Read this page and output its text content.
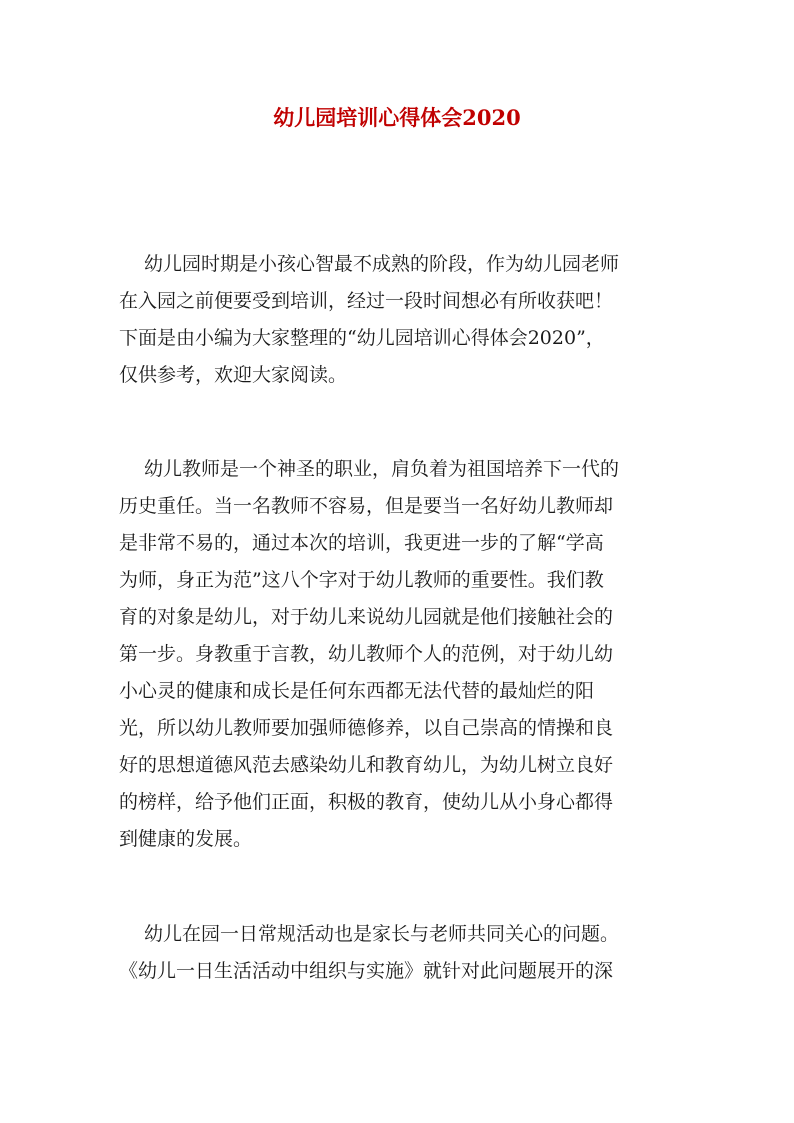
幼儿园培训心得体会2020
幼儿园时期是小孩心智最不成熟的阶段，作为幼儿园老师
在入园之前便要受到培训，经过一段时间想必有所收获吧！
下面是由小编为大家整理的“幼儿园培训心得体会2020”，
仅供参考，欢迎大家阅读。
幼儿教师是一个神圣的职业，肩负着为祖国培养下一代的
历史重任。当一名教师不容易，但是要当一名好幼儿教师却
是非常不易的，通过本次的培训，我更进一步的了解“学高
为师，身正为范”这八个字对于幼儿教师的重要性。我们教
育的对象是幼儿，对于幼儿来说幼儿园就是他们接触社会的
第一步。身教重于言教，幼儿教师个人的范例，对于幼儿幼
小心灵的健康和成长是任何东西都无法代替的最灿烂的阳
光，所以幼儿教师要加强师德修养，以自己崇高的情操和良
好的思想道德风范去感染幼儿和教育幼儿，为幼儿树立良好
的榜样，给予他们正面，积极的教育，使幼儿从小身心都得
到健康的发展。
幼儿在园一日常规活动也是家长与老师共同关心的问题。
《幼儿一日生活活动中组织与实施》就针对此问题展开的深
